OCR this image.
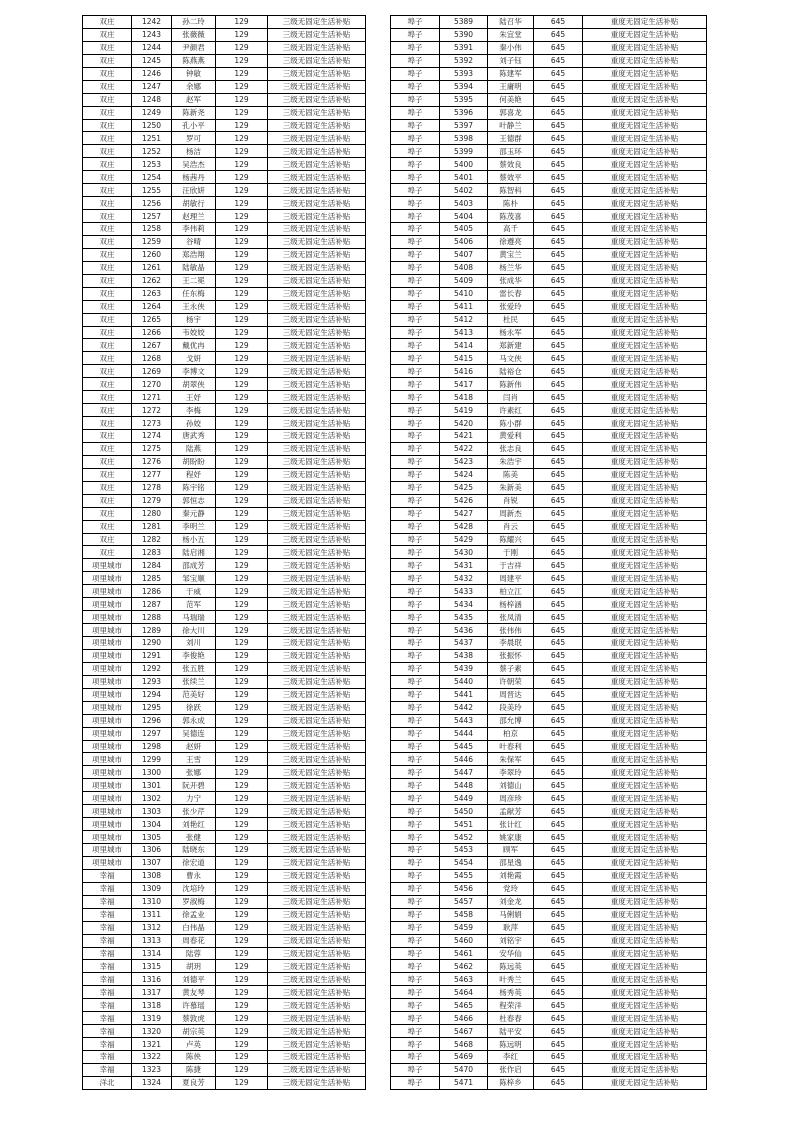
双庄	1242	孙二玲	129	三级无固定生活补贴
双庄	1243	张薇薇	129	三级无固定生活补贴
双庄	1244	尹颜君	129	三级无固定生活补贴
双庄	1245	陈燕燕	129	三级无固定生活补贴
双庄	1246	钟敏	129	三级无固定生活补贴
双庄	1247	余娜	129	三级无固定生活补贴
双庄	1248	赵军	129	三级无固定生活补贴
双庄	1249	陈新尧	129	三级无固定生活补贴
双庄	1250	孔小平	129	三级无固定生活补贴
双庄	1251	罗可	129	三级无固定生活补贴
双庄	1252	杨洁	129	三级无固定生活补贴
双庄	1253	吴浩杰	129	三级无固定生活补贴
双庄	1254	杨茜丹	129	三级无固定生活补贴
双庄	1255	汪欣妍	129	三级无固定生活补贴
双庄	1256	胡敏行	129	三级无固定生活补贴
双庄	1257	赵理兰	129	三级无固定生活补贴
双庄	1258	李伟莉	129	三级无固定生活补贴
双庄	1259	谷晴	129	三级无固定生活补贴
双庄	1260	郑浩翔	129	三级无固定生活补贴
双庄	1261	陆敏晶	129	三级无固定生活补贴
双庄	1262	王二冕	129	三级无固定生活补贴
双庄	1263	任东梅	129	三级无固定生活补贴
双庄	1264	王永侠	129	三级无固定生活补贴
双庄	1265	杨宇	129	三级无固定生活补贴
双庄	1266	韦姣姣	129	三级无固定生活补贴
双庄	1267	戴优冉	129	三级无固定生活补贴
双庄	1268	戈妍	129	三级无固定生活补贴
双庄	1269	李博文	129	三级无固定生活补贴
双庄	1270	胡翠侠	129	三级无固定生活补贴
双庄	1271	王妤	129	三级无固定生活补贴
双庄	1272	李梅	129	三级无固定生活补贴
双庄	1273	孙姣	129	三级无固定生活补贴
双庄	1274	唐武秀	129	三级无固定生活补贴
双庄	1275	陆燕	129	三级无固定生活补贴
双庄	1276	胡盼盼	129	三级无固定生活补贴
双庄	1277	程妤	129	三级无固定生活补贴
双庄	1278	陈宇铭	129	三级无固定生活补贴
双庄	1279	郭恒志	129	三级无固定生活补贴
双庄	1280	秦元静	129	三级无固定生活补贴
双庄	1281	李明兰	129	三级无固定生活补贴
双庄	1282	杨小五	129	三级无固定生活补贴
双庄	1283	陆启湘	129	三级无固定生活补贴
项里城市	1284	邵成芳	129	三级无固定生活补贴
项里城市	1285	邹宝顺	129	三级无固定生活补贴
项里城市	1286	于威	129	三级无固定生活补贴
项里城市	1287	范军	129	三级无固定生活补贴
项里城市	1288	马瑞瑞	129	三级无固定生活补贴
项里城市	1289	徐大川	129	三级无固定生活补贴
项里城市	1290	刘川	129	三级无固定生活补贴
项里城市	1291	李俊艳	129	三级无固定生活补贴
项里城市	1292	张五胜	129	三级无固定生活补贴
项里城市	1293	张续兰	129	三级无固定生活补贴
项里城市	1294	范美好	129	三级无固定生活补贴
项里城市	1295	徐跃	129	三级无固定生活补贴
项里城市	1296	郭永成	129	三级无固定生活补贴
项里城市	1297	吴德连	129	三级无固定生活补贴
项里城市	1298	赵妍	129	三级无固定生活补贴
项里城市	1299	王雪	129	三级无固定生活补贴
项里城市	1300	张娜	129	三级无固定生活补贴
项里城市	1301	阮开碧	129	三级无固定生活补贴
项里城市	1302	力宁	129	三级无固定生活补贴
项里城市	1303	张少芹	129	三级无固定生活补贴
项里城市	1304	刘艳红	129	三级无固定生活补贴
项里城市	1305	张健	129	三级无固定生活补贴
项里城市	1306	陆晓东	129	三级无固定生活补贴
项里城市	1307	徐宏道	129	三级无固定生活补贴
幸福	1308	曹永	129	三级无固定生活补贴
幸福	1309	沈培玲	129	三级无固定生活补贴
幸福	1310	罗淑梅	129	三级无固定生活补贴
幸福	1311	徐孟业	129	三级无固定生活补贴
幸福	1312	白伟晶	129	三级无固定生活补贴
幸福	1313	周春花	129	三级无固定生活补贴
幸福	1314	陆蓉	129	三级无固定生活补贴
幸福	1315	胡玥	129	三级无固定生活补贴
幸福	1316	刘德平	129	三级无固定生活补贴
幸福	1317	黄友琴	129	三级无固定生活补贴
幸福	1318	许慕瑶	129	三级无固定生活补贴
幸福	1319	蔡敦虎	129	三级无固定生活补贴
幸福	1320	胡宗英	129	三级无固定生活补贴
幸福	1321	卢英	129	三级无固定生活补贴
幸福	1322	陈侠	129	三级无固定生活补贴
幸福	1323	陈捷	129	三级无固定生活补贴
洋北	1324	夏良芳	129	三级无固定生活补贴
埠子	5389	陆召华	645	重度无固定生活补贴
埠子	5390	朱宜堂	645	重度无固定生活补贴
埠子	5391	秦小伟	645	重度无固定生活补贴
埠子	5392	刘子钰	645	重度无固定生活补贴
埠子	5393	陈建军	645	重度无固定生活补贴
埠子	5394	王庸明	645	重度无固定生活补贴
埠子	5395	何美艳	645	重度无固定生活补贴
埠子	5396	郭喜龙	645	重度无固定生活补贴
埠子	5397	叶静兰	645	重度无固定生活补贴
埠子	5398	王德群	645	重度无固定生活补贴
埠子	5399	邵玉环	645	重度无固定生活补贴
埠子	5400	蔡效良	645	重度无固定生活补贴
埠子	5401	蔡效平	645	重度无固定生活补贴
埠子	5402	陈智科	645	重度无固定生活补贴
埠子	5403	陈朴	645	重度无固定生活补贴
埠子	5404	陈茂喜	645	重度无固定生活补贴
埠子	5405	高千	645	重度无固定生活补贴
埠子	5406	徐遵亮	645	重度无固定生活补贴
埠子	5407	黄宝兰	645	重度无固定生活补贴
埠子	5408	杨兰华	645	重度无固定生活补贴
埠子	5409	张成华	645	重度无固定生活补贴
埠子	5410	雷长春	645	重度无固定生活补贴
埠子	5411	张爱玲	645	重度无固定生活补贴
埠子	5412	杜民	645	重度无固定生活补贴
埠子	5413	杨永军	645	重度无固定生活补贴
埠子	5414	郑新建	645	重度无固定生活补贴
埠子	5415	马文侠	645	重度无固定生活补贴
埠子	5416	陆裕仓	645	重度无固定生活补贴
埠子	5417	陈新伟	645	重度无固定生活补贴
埠子	5418	闫肖	645	重度无固定生活补贴
埠子	5419	许素红	645	重度无固定生活补贴
埠子	5420	陈小群	645	重度无固定生活补贴
埠子	5421	黄爱利	645	重度无固定生活补贴
埠子	5422	张志良	645	重度无固定生活补贴
埠子	5423	朱浩宇	645	重度无固定生活补贴
埠子	5424	陈美	645	重度无固定生活补贴
埠子	5425	朱新美	645	重度无固定生活补贴
埠子	5426	肖锐	645	重度无固定生活补贴
埠子	5427	周新杰	645	重度无固定生活补贴
埠子	5428	肖云	645	重度无固定生活补贴
埠子	5429	陈耀兴	645	重度无固定生活补贴
埠子	5430	于刚	645	重度无固定生活补贴
埠子	5431	于吉祥	645	重度无固定生活补贴
埠子	5432	周建平	645	重度无固定生活补贴
埠子	5433	柏立江	645	重度无固定生活补贴
埠子	5434	杨梓涵	645	重度无固定生活补贴
埠子	5435	张凤清	645	重度无固定生活补贴
埠子	5436	张伟伟	645	重度无固定生活补贴
埠子	5437	李晨珉	645	重度无固定生活补贴
埠子	5438	张振怀	645	重度无固定生活补贴
埠子	5439	蔡子素	645	重度无固定生活补贴
埠子	5440	许朝荣	645	重度无固定生活补贴
埠子	5441	周晋达	645	重度无固定生活补贴
埠子	5442	段美玲	645	重度无固定生活补贴
埠子	5443	邵允博	645	重度无固定生活补贴
埠子	5444	柏京	645	重度无固定生活补贴
埠子	5445	叶春利	645	重度无固定生活补贴
埠子	5446	朱保军	645	重度无固定生活补贴
埠子	5447	李翠玲	645	重度无固定生活补贴
埠子	5448	刘德山	645	重度无固定生活补贴
埠子	5449	周彦珍	645	重度无固定生活补贴
埠子	5450	孟献芳	645	重度无固定生活补贴
埠子	5451	张计红	645	重度无固定生活补贴
埠子	5452	姚家康	645	重度无固定生活补贴
埠子	5453	顾军	645	重度无固定生活补贴
埠子	5454	邵星逸	645	重度无固定生活补贴
埠子	5455	刘艳霞	645	重度无固定生活补贴
埠子	5456	党玲	645	重度无固定生活补贴
埠子	5457	刘金龙	645	重度无固定生活补贴
埠子	5458	马俐娟	645	重度无固定生活补贴
埠子	5459	耿萍	645	重度无固定生活补贴
埠子	5460	刘铭宇	645	重度无固定生活补贴
埠子	5461	安华仙	645	重度无固定生活补贴
埠子	5462	陈远英	645	重度无固定生活补贴
埠子	5463	叶秀兰	645	重度无固定生活补贴
埠子	5464	杨秀英	645	重度无固定生活补贴
埠子	5465	程荣洋	645	重度无固定生活补贴
埠子	5466	杜春春	645	重度无固定生活补贴
埠子	5467	陆平安	645	重度无固定生活补贴
埠子	5468	陈远明	645	重度无固定生活补贴
埠子	5469	李红	645	重度无固定生活补贴
埠子	5470	张作启	645	重度无固定生活补贴
埠子	5471	陈梓乡	645	重度无固定生活补贴
